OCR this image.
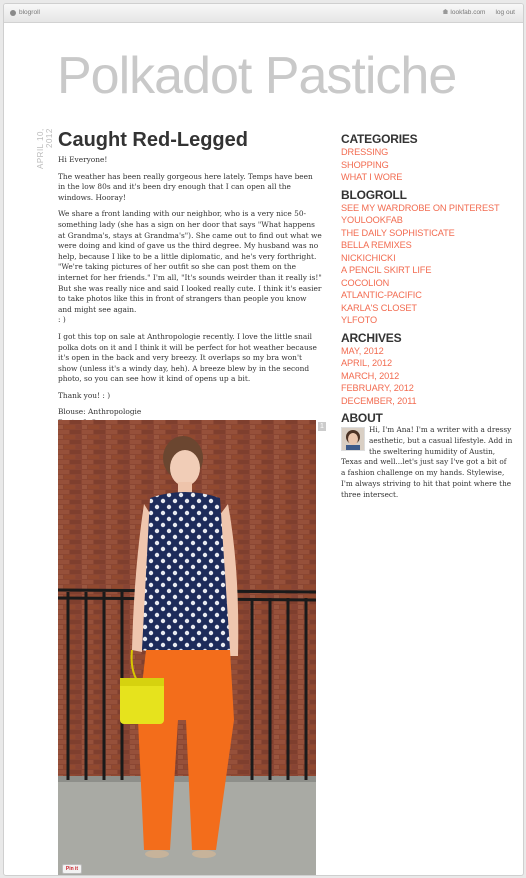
blogroll	lookfab.com log out
Polkadot Pastiche
APRIL 10, 2012 Caught Red-Legged

Hi Everyone!

The weather has been really gorgeous here lately. Temps have been in the low 80s and it's been dry enough that I can open all the windows. Hooray!

We share a front landing with our neighbor, who is a very nice 50-something lady (she has a sign on her door that says "What happens at Grandma's, stays at Grandma's"). She came out to find out what we were doing and kind of gave us the third degree. My husband was no help, because I like to be a little diplomatic, and he's very forthright. "We're taking pictures of her outfit so she can post them on the internet for her friends." I'm all, "It's sounds weirder than it really is!" But she was really nice and said I looked really cute. I think it's easier to take photos like this in front of strangers than people you know and might see again.

: )

I got this top on sale at Anthropologie recently. I love the little snail polka dots on it and I think it will be perfect for hot weather because it's open in the back and very breezy. It overlaps so my bra won't show (unless it's a windy day, heh). A breeze blew by in the second photo, so you can see how it kind of opens up a bit.

Thank you! : )

Blouse: Anthropologie
1
Pin it
CATEGORIES
DRESSING
SHOPPING
WHAT I WORE
BLOGROLL
SEE MY WARDROBE ON PINTEREST
YOULOOKFAB
THE DAILY SOPHISTICATE
BELLA REMIXES
NICKICHICKI
A PENCIL SKIRT LIFE
COCOLION
ATLANTIC-PACIFIC
KARLA'S CLOSET
YLFOTO
ARCHIVES
MAY, 2012
APRIL, 2012
MARCH, 2012
FEBRUARY, 2012
DECEMBER, 2011
ABOUT
Hi, I'm Ana! I'm a writer with a dressy aesthetic, but a casual lifestyle. Add in the sweltering humidity of Austin, Texas and well...let's just say I've got a bit of a fashion challenge on my hands. Stylewise, I'm always striving to hit that point where the three intersect.
